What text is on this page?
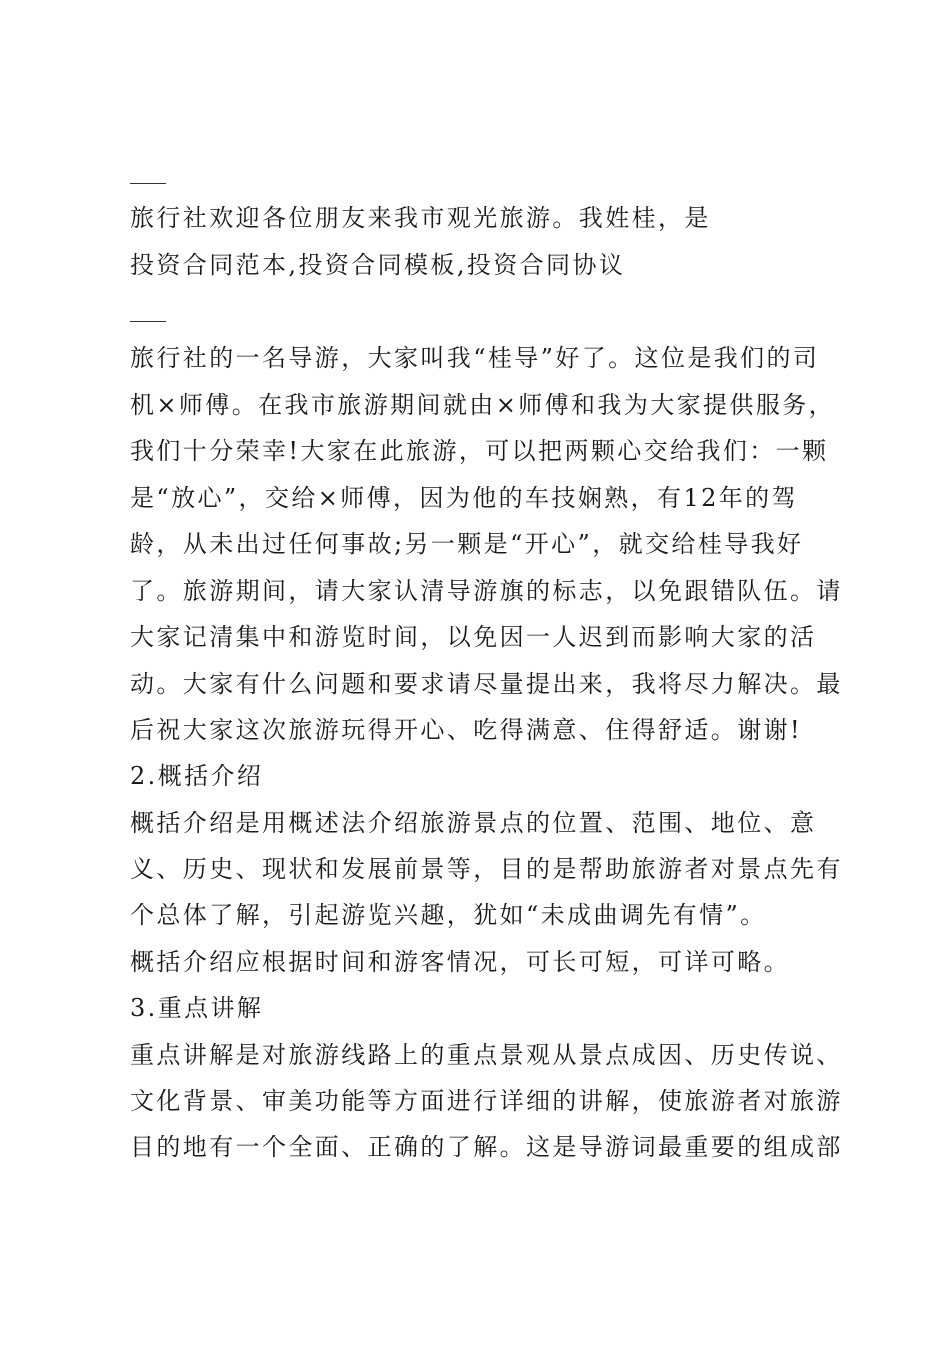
旅行社欢迎各位朋友来我市观光旅游。我姓桂，是
投资合同范本,投资合同模板,投资合同协议
旅行社的一名导游，大家叫我“桂导”好了。这位是我们的司
机×师傅。在我市旅游期间就由×师傅和我为大家提供服务，
我们十分荣幸!大家在此旅游，可以把两颗心交给我们：一颗
是“放心”，交给×师傅，因为他的车技娴熟，有12年的驾
龄，从未出过任何事故;另一颗是“开心”，就交给桂导我好
了。旅游期间，请大家认清导游旗的标志，以免跟错队伍。请
大家记清集中和游览时间，以免因一人迟到而影响大家的活
动。大家有什么问题和要求请尽量提出来，我将尽力解决。最
后祝大家这次旅游玩得开心、吃得满意、住得舒适。谢谢!
2.概括介绍
概括介绍是用概述法介绍旅游景点的位置、范围、地位、意
义、历史、现状和发展前景等，目的是帮助旅游者对景点先有
个总体了解，引起游览兴趣，犹如“未成曲调先有情”。
概括介绍应根据时间和游客情况，可长可短，可详可略。
3.重点讲解
重点讲解是对旅游线路上的重点景观从景点成因、历史传说、
文化背景、审美功能等方面进行详细的讲解，使旅游者对旅游
目的地有一个全面、正确的了解。这是导游词最重要的组成部
